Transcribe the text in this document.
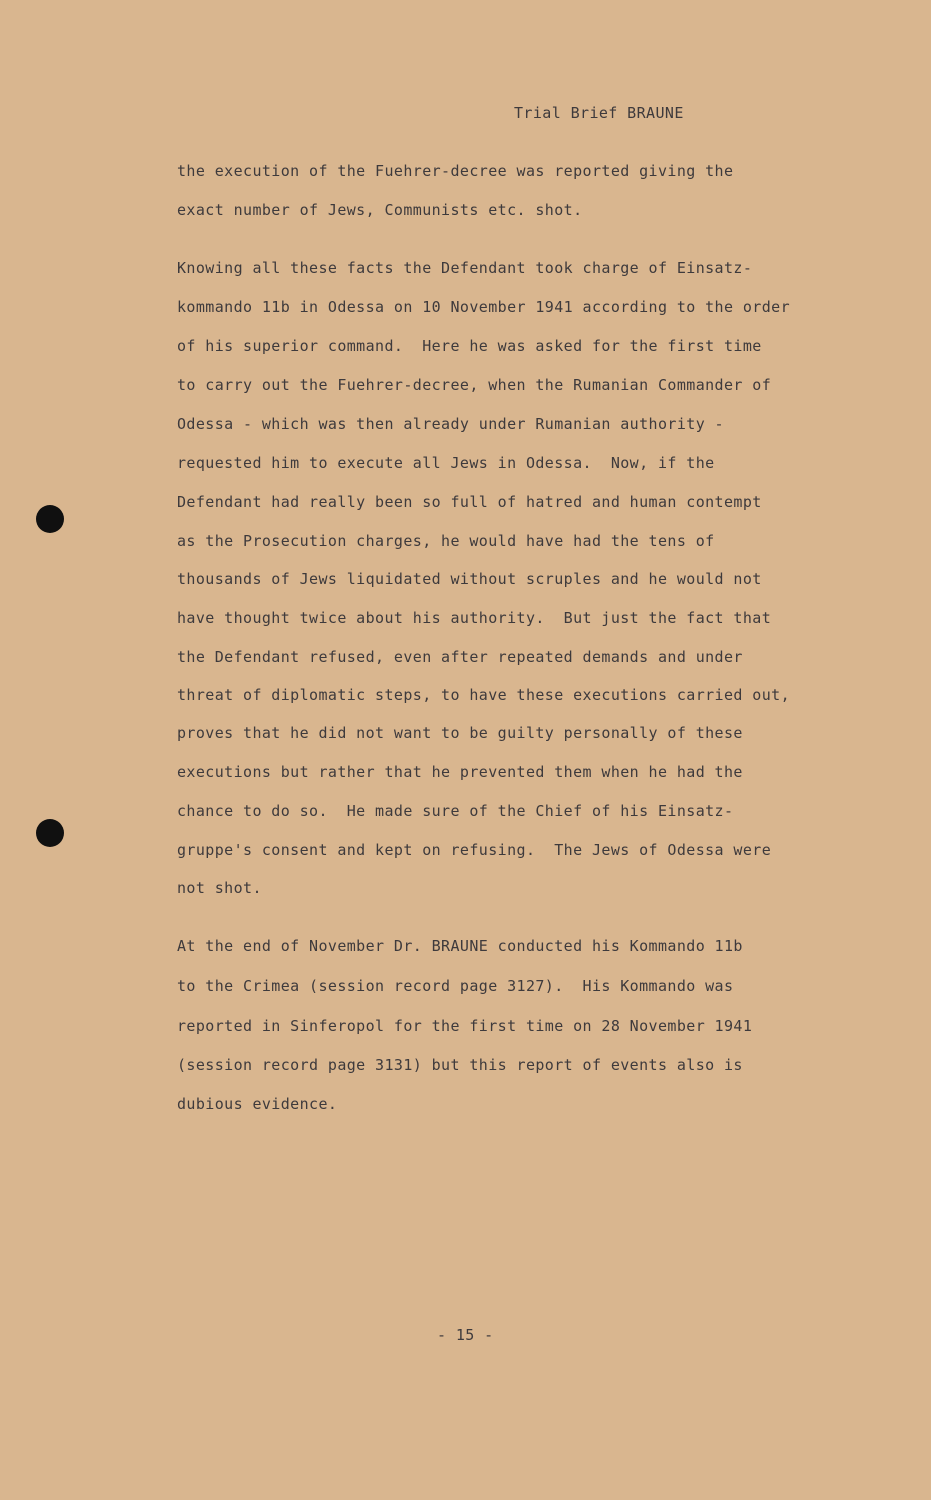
Trial Brief BRAUNE
the execution of the Fuehrer-decree was reported giving the
exact number of Jews, Communists etc. shot.
Knowing all these facts the Defendant took charge of Einsatz-
kommando 11b in Odessa on 10 November 1941 according to the order
of his superior command.  Here he was asked for the first time
to carry out the Fuehrer-decree, when the Rumanian Commander of
Odessa - which was then already under Rumanian authority -
requested him to execute all Jews in Odessa.  Now, if the
Defendant had really been so full of hatred and human contempt
as the Prosecution charges, he would have had the tens of
thousands of Jews liquidated without scruples and he would not
have thought twice about his authority.  But just the fact that
the Defendant refused, even after repeated demands and under
threat of diplomatic steps, to have these executions carried out,
proves that he did not want to be guilty personally of these
executions but rather that he prevented them when he had the
chance to do so.  He made sure of the Chief of his Einsatz-
gruppe's consent and kept on refusing.  The Jews of Odessa were
not shot.
At the end of November Dr. BRAUNE conducted his Kommando 11b
to the Crimea (session record page 3127).  His Kommando was
reported in Sinferopol for the first time on 28 November 1941
(session record page 3131) but this report of events also is
dubious evidence.
- 15 -
